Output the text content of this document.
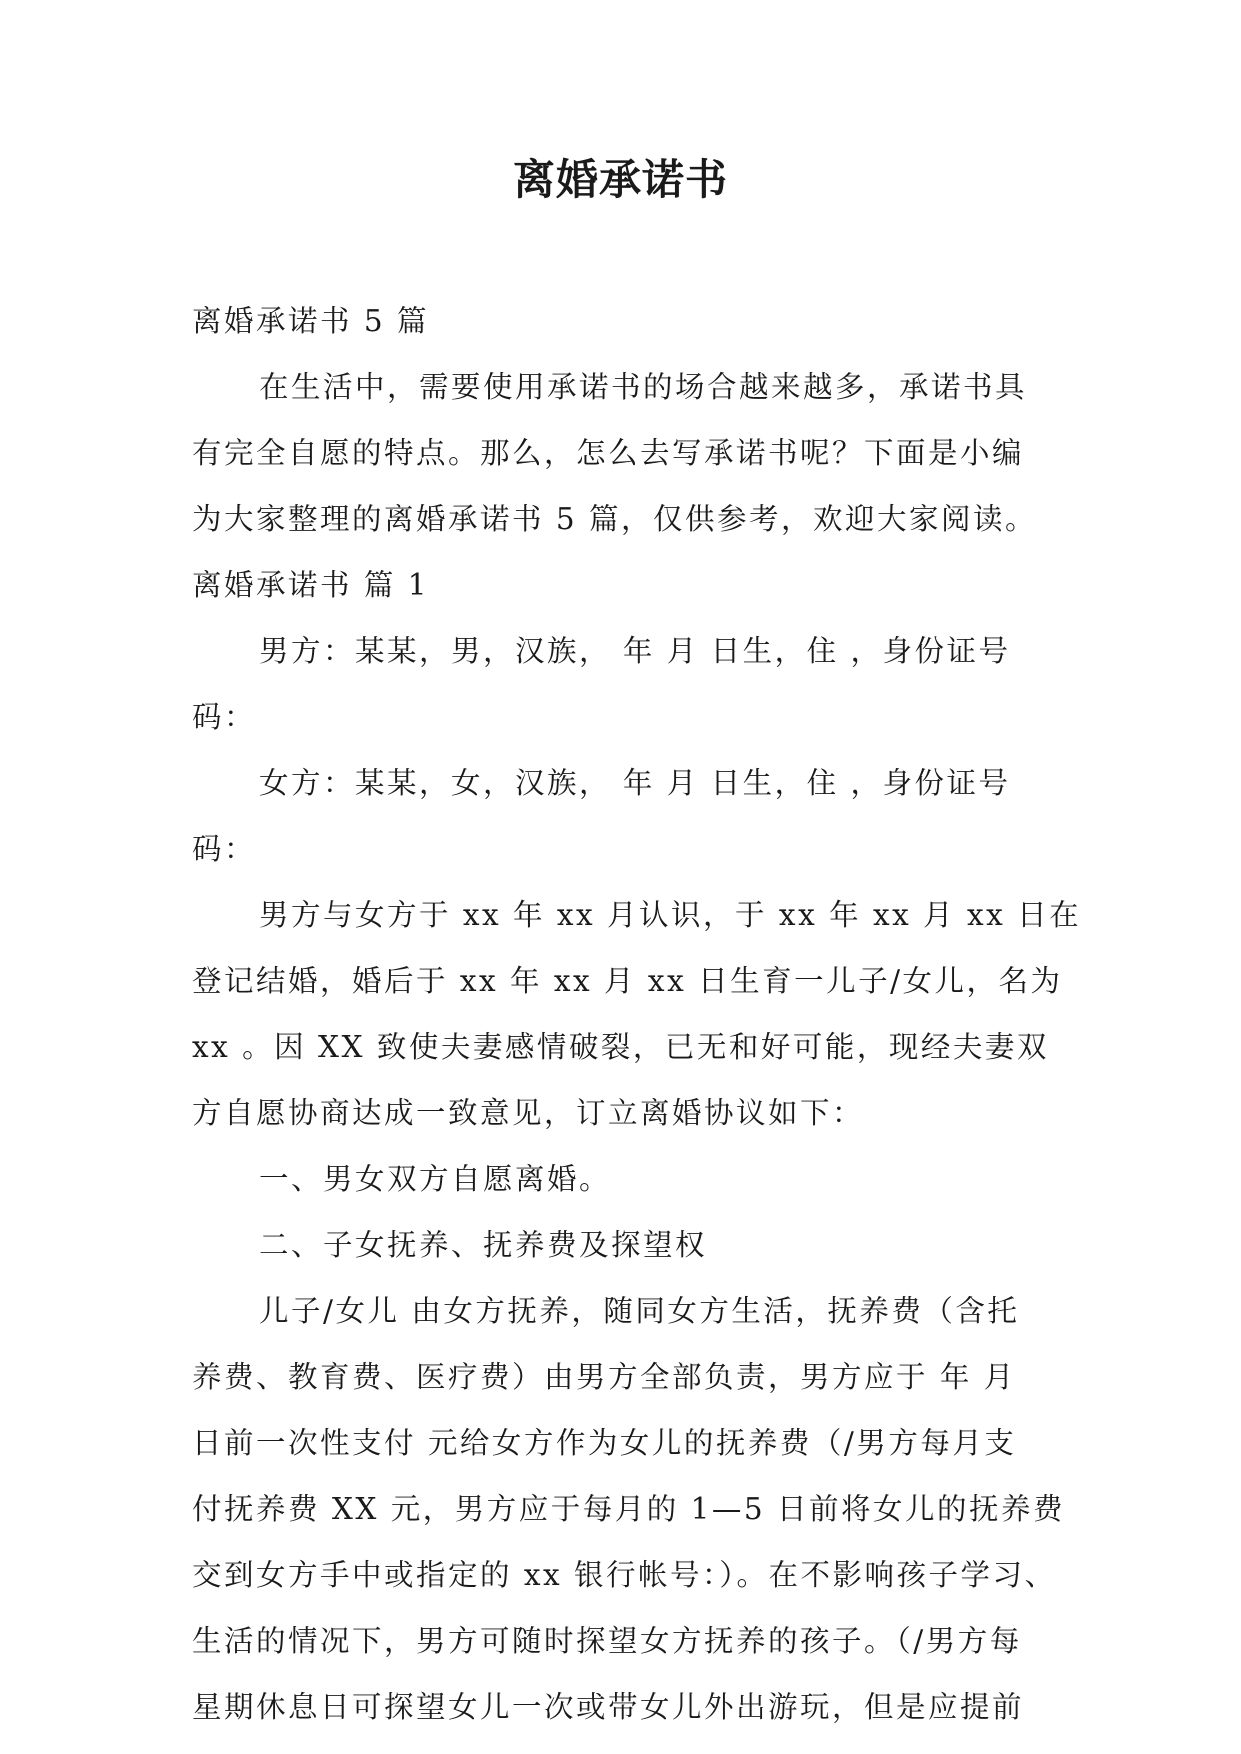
离婚承诺书
离婚承诺书 5 篇
在生活中，需要使用承诺书的场合越来越多，承诺书具
有完全自愿的特点。那么，怎么去写承诺书呢？下面是小编
为大家整理的离婚承诺书 5 篇，仅供参考，欢迎大家阅读。
离婚承诺书 篇 1
男方：某某，男，汉族， 年 月 日生，住 ，身份证号
码：
女方：某某，女，汉族， 年 月 日生，住 ，身份证号
码：
男方与女方于 xx 年 xx 月认识，于 xx 年 xx 月 xx 日在
登记结婚，婚后于 xx 年 xx 月 xx 日生育一儿子/女儿，名为
xx 。因 XX 致使夫妻感情破裂，已无和好可能，现经夫妻双
方自愿协商达成一致意见，订立离婚协议如下：
一、男女双方自愿离婚。
二、子女抚养、抚养费及探望权
儿子/女儿 由女方抚养，随同女方生活，抚养费（含托
养费、教育费、医疗费）由男方全部负责，男方应于 年 月
日前一次性支付 元给女方作为女儿的抚养费（/男方每月支
付抚养费 XX 元，男方应于每月的 1—5 日前将女儿的抚养费
交到女方手中或指定的 xx 银行帐号：）。在不影响孩子学习、
生活的情况下，男方可随时探望女方抚养的孩子。（/男方每
星期休息日可探望女儿一次或带女儿外出游玩，但是应提前
